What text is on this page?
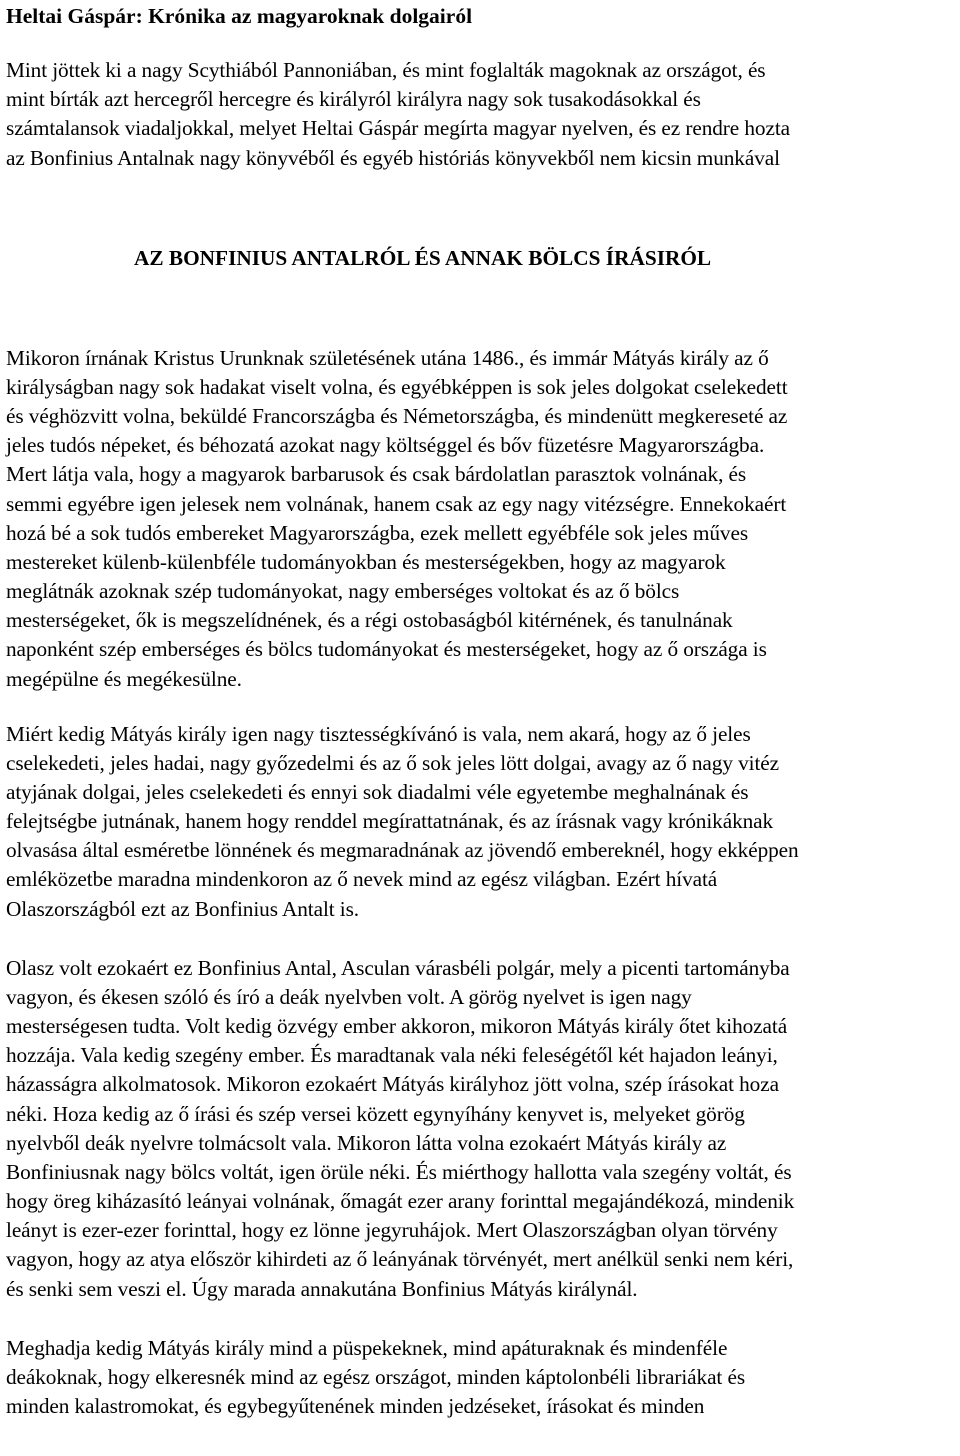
Heltai Gáspár: Krónika az magyaroknak dolgairól

Mint jöttek ki a nagy Scythiából Pannoniában, és mint foglalták magoknak az országot, és
mint bírták azt hercegről hercegre és királyról királyra nagy sok tusakodásokkal és
számtalansok viadaljokkal, melyet Heltai Gáspár megírta magyar nyelven, és ez rendre hozta
az Bonfinius Antalnak nagy könyvéből és egyéb históriás könyvekből nem kicsin munkával

AZ BONFINIUS ANTALRÓL ÉS ANNAK BÖLCS ÍRÁSIRÓL

Mikoron írnának Kristus Urunknak születésének utána 1486., és immár Mátyás király az ő
királyságban nagy sok hadakat viselt volna, és egyébképpen is sok jeles dolgokat cselekedett
és véghözvitt volna, beküldé Francországba és Németországba, és mindenütt megkereseté az
jeles tudós népeket, és béhozatá azokat nagy költséggel és bőv füzetésre Magyarországba.
Mert látja vala, hogy a magyarok barbarusok és csak bárdolatlan parasztok volnának, és
semmi egyébre igen jelesek nem volnának, hanem csak az egy nagy vitézségre. Ennekokaért
hozá bé a sok tudós embereket Magyarországba, ezek mellett egyébféle sok jeles műves
mestereket külenb-külenbféle tudományokban és mesterségekben, hogy az magyarok
meglátnák azoknak szép tudományokat, nagy emberséges voltokat és az ő bölcs
mesterségeket, ők is megszelídnének, és a régi ostobaságból kitérnének, és tanulnának
naponként szép emberséges és bölcs tudományokat és mesterségeket, hogy az ő országa is
megépülne és megékesülne.

Miért kedig Mátyás király igen nagy tisztességkívánó is vala, nem akará, hogy az ő jeles
cselekedeti, jeles hadai, nagy győzedelmi és az ő sok jeles lött dolgai, avagy az ő nagy vitéz
atyjának dolgai, jeles cselekedeti és ennyi sok diadalmi véle egyetembe meghalnának és
felejtségbe jutnának, hanem hogy renddel megírattatnának, és az írásnak vagy krónikáknak
olvasása által esméretbe lönnének és megmaradnának az jövendő embereknél, hogy ekképpen
emléközetbe maradna mindenkoron az ő nevek mind az egész világban. Ezért hívatá
Olaszországból ezt az Bonfinius Antalt is.

Olasz volt ezokaért ez Bonfinius Antal, Asculan várasbéli polgár, mely a picenti tartományba
vagyon, és ékesen szóló és író a deák nyelvben volt. A görög nyelvet is igen nagy
mesterségesen tudta. Volt kedig özvégy ember akkoron, mikoron Mátyás király őtet kihozatá
hozzája. Vala kedig szegény ember. És maradtanak vala néki feleségétől két hajadon leányi,
házasságra alkolmatosok. Mikoron ezokaért Mátyás királyhoz jött volna, szép írásokat hoza
néki. Hoza kedig az ő írási és szép versei közett egynyíhány kenyvet is, melyeket görög
nyelvből deák nyelvre tolmácsolt vala. Mikoron látta volna ezokaért Mátyás király az
Bonfiniusnak nagy bölcs voltát, igen örüle néki. És miérthogy hallotta vala szegény voltát, és
hogy öreg kiházasító leányai volnának, őmagát ezer arany forinttal megajándékozá, mindenik
leányt is ezer-ezer forinttal, hogy ez lönne jegyruhájok. Mert Olaszországban olyan törvény
vagyon, hogy az atya először kihirdeti az ő leányának törvényét, mert anélkül senki nem kéri,
és senki sem veszi el. Úgy marada annakutána Bonfinius Mátyás királynál.

Meghadja kedig Mátyás király mind a püspekeknek, mind apáturaknak és mindenféle
deákoknak, hogy elkeresnék mind az egész országot, minden káptolonbéli librariákat és
minden kalastromokat, és egybegyűtenének minden jedzéseket, írásokat és minden
